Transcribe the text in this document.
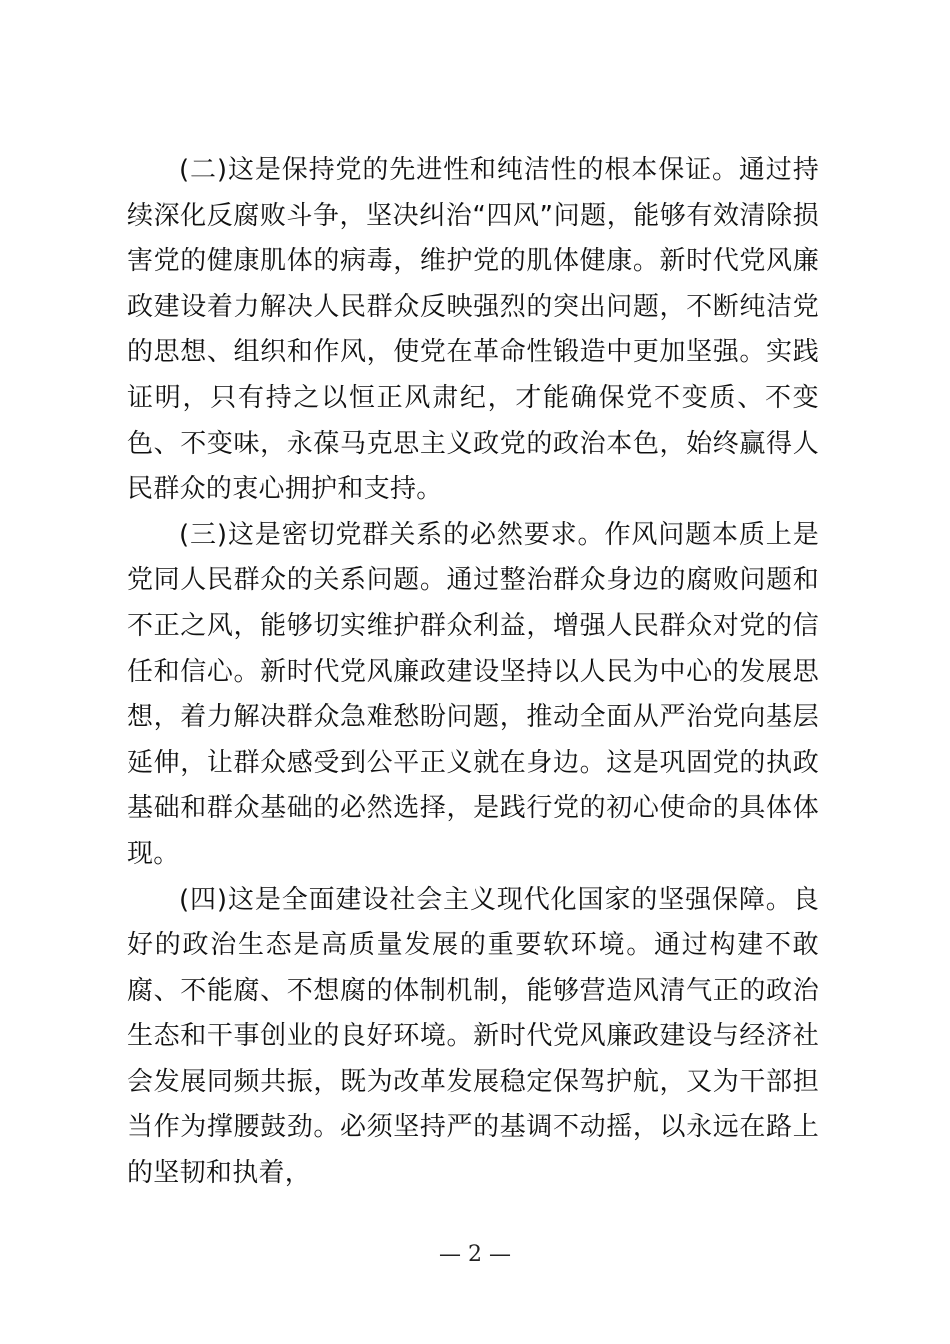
(二)这是保持党的先进性和纯洁性的根本保证。通过持续深化反腐败斗争，坚决纠治“四风”问题，能够有效清除损害党的健康肌体的病毒，维护党的肌体健康。新时代党风廉政建设着力解决人民群众反映强烈的突出问题，不断纯洁党的思想、组织和作风，使党在革命性锻造中更加坚强。实践证明，只有持之以恒正风肃纪，才能确保党不变质、不变色、不变味，永葆马克思主义政党的政治本色，始终赢得人民群众的衷心拥护和支持。

(三)这是密切党群关系的必然要求。作风问题本质上是党同人民群众的关系问题。通过整治群众身边的腐败问题和不正之风，能够切实维护群众利益，增强人民群众对党的信任和信心。新时代党风廉政建设坚持以人民为中心的发展思想，着力解决群众急难愁盼问题，推动全面从严治党向基层延伸，让群众感受到公平正义就在身边。这是巩固党的执政基础和群众基础的必然选择，是践行党的初心使命的具体体现。

(四)这是全面建设社会主义现代化国家的坚强保障。良好的政治生态是高质量发展的重要软环境。通过构建不敢腐、不能腐、不想腐的体制机制，能够营造风清气正的政治生态和干事创业的良好环境。新时代党风廉政建设与经济社会发展同频共振，既为改革发展稳定保驾护航，又为干部担当作为撑腰鼓劲。必须坚持严的基调不动摇，以永远在路上的坚韧和执着，

— 2 —
